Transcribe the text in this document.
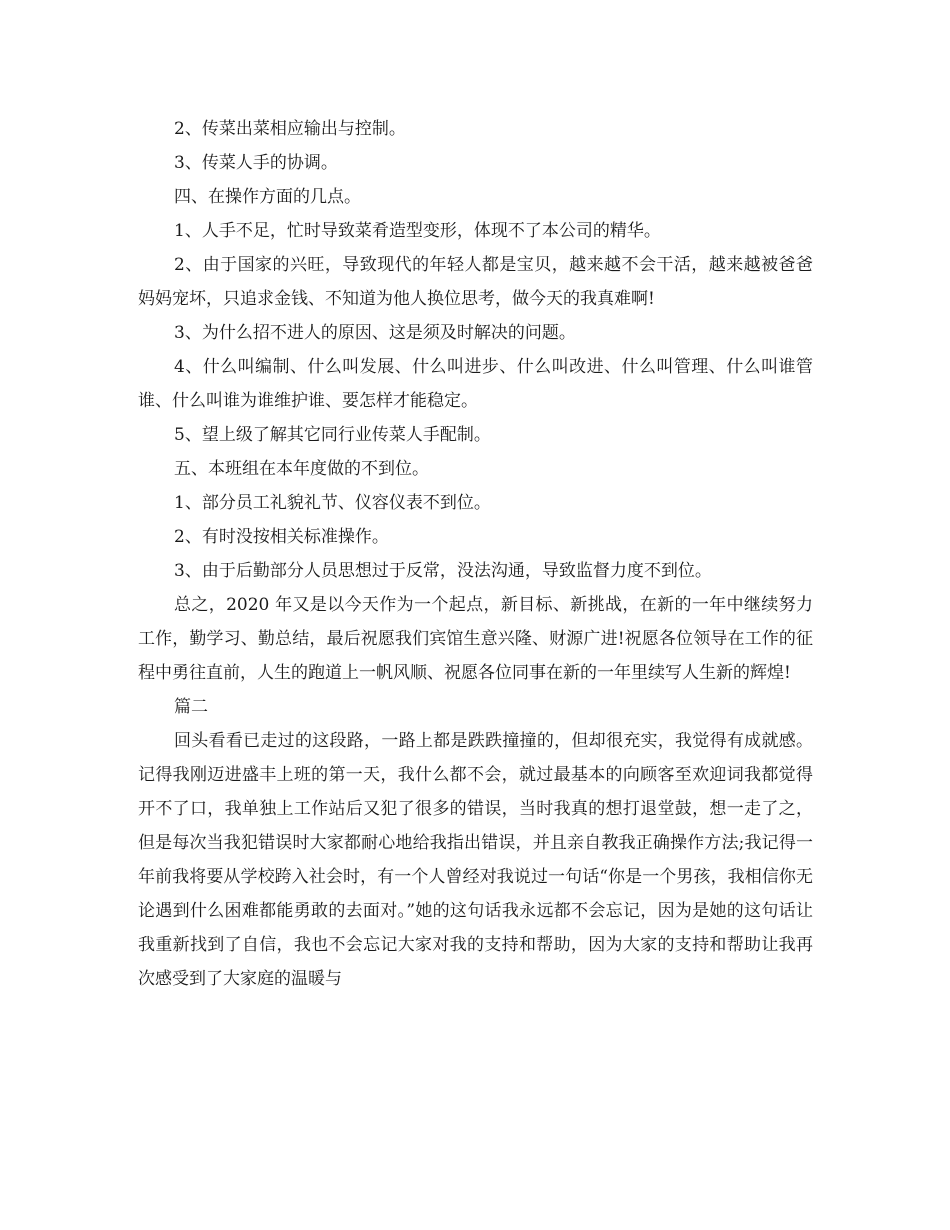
2、传菜出菜相应输出与控制。

3、传菜人手的协调。

四、在操作方面的几点。

1、人手不足，忙时导致菜肴造型变形，体现不了本公司的精华。

2、由于国家的兴旺，导致现代的年轻人都是宝贝，越来越不会干活，越来越被爸爸妈妈宠坏，只追求金钱、不知道为他人换位思考，做今天的我真难啊!

3、为什么招不进人的原因、这是须及时解决的问题。

4、什么叫编制、什么叫发展、什么叫进步、什么叫改进、什么叫管理、什么叫谁管谁、什么叫谁为谁维护谁、要怎样才能稳定。

5、望上级了解其它同行业传菜人手配制。

五、本班组在本年度做的不到位。

1、部分员工礼貌礼节、仪容仪表不到位。

2、有时没按相关标准操作。

3、由于后勤部分人员思想过于反常，没法沟通，导致监督力度不到位。

总之，2020 年又是以今天作为一个起点，新目标、新挑战，在新的一年中继续努力工作，勤学习、勤总结，最后祝愿我们宾馆生意兴隆、财源广进!祝愿各位领导在工作的征程中勇往直前，人生的跑道上一帆风顺、祝愿各位同事在新的一年里续写人生新的辉煌!

篇二

回头看看已走过的这段路，一路上都是跌跌撞撞的，但却很充实，我觉得有成就感。记得我刚迈进盛丰上班的第一天，我什么都不会，就过最基本的向顾客至欢迎词我都觉得开不了口，我单独上工作站后又犯了很多的错误，当时我真的想打退堂鼓，想一走了之，但是每次当我犯错误时大家都耐心地给我指出错误，并且亲自教我正确操作方法;我记得一年前我将要从学校跨入社会时，有一个人曾经对我说过一句话“你是一个男孩，我相信你无论遇到什么困难都能勇敢的去面对。”她的这句话我永远都不会忘记，因为是她的这句话让我重新找到了自信，我也不会忘记大家对我的支持和帮助，因为大家的支持和帮助让我再次感受到了大家庭的温暖与
